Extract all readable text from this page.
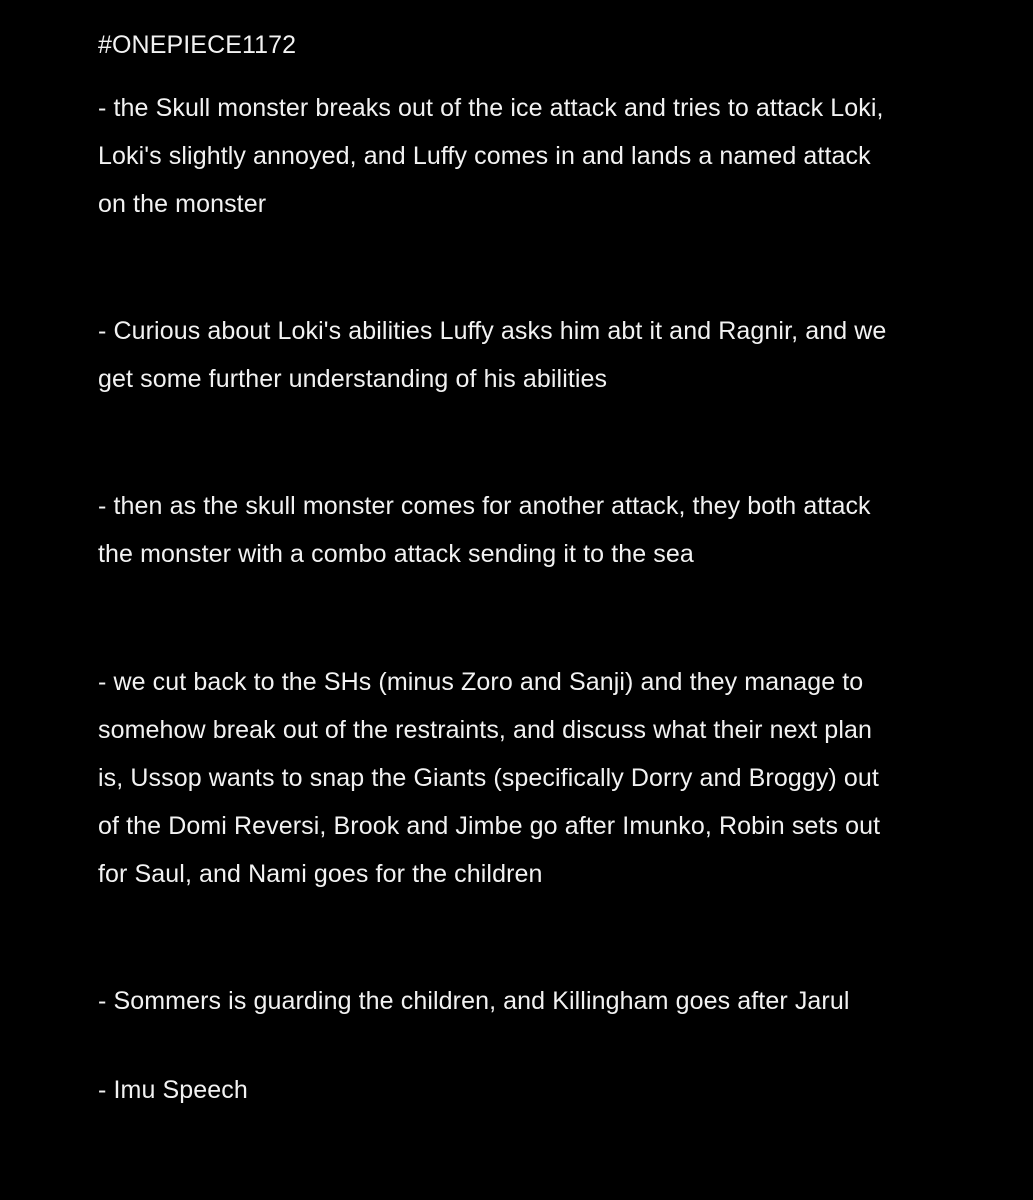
#ONEPIECE1172
- the Skull monster breaks out of the ice attack and tries to attack Loki,
Loki's slightly annoyed, and Luffy comes in and lands a named attack
on the monster
- Curious about Loki's abilities Luffy asks him abt it and Ragnir, and we
get some further understanding of his abilities
- then as the skull monster comes for another attack, they both attack
the monster with a combo attack sending it to the sea
- we cut back to the SHs (minus Zoro and Sanji) and they manage to
somehow break out of the restraints, and discuss what their next plan
is, Ussop wants to snap the Giants (specifically Dorry and Broggy) out
of the Domi Reversi, Brook and Jimbe go after Imunko, Robin sets out
for Saul, and Nami goes for the children
- Sommers is guarding the children, and Killingham goes after Jarul
- Imu Speech
